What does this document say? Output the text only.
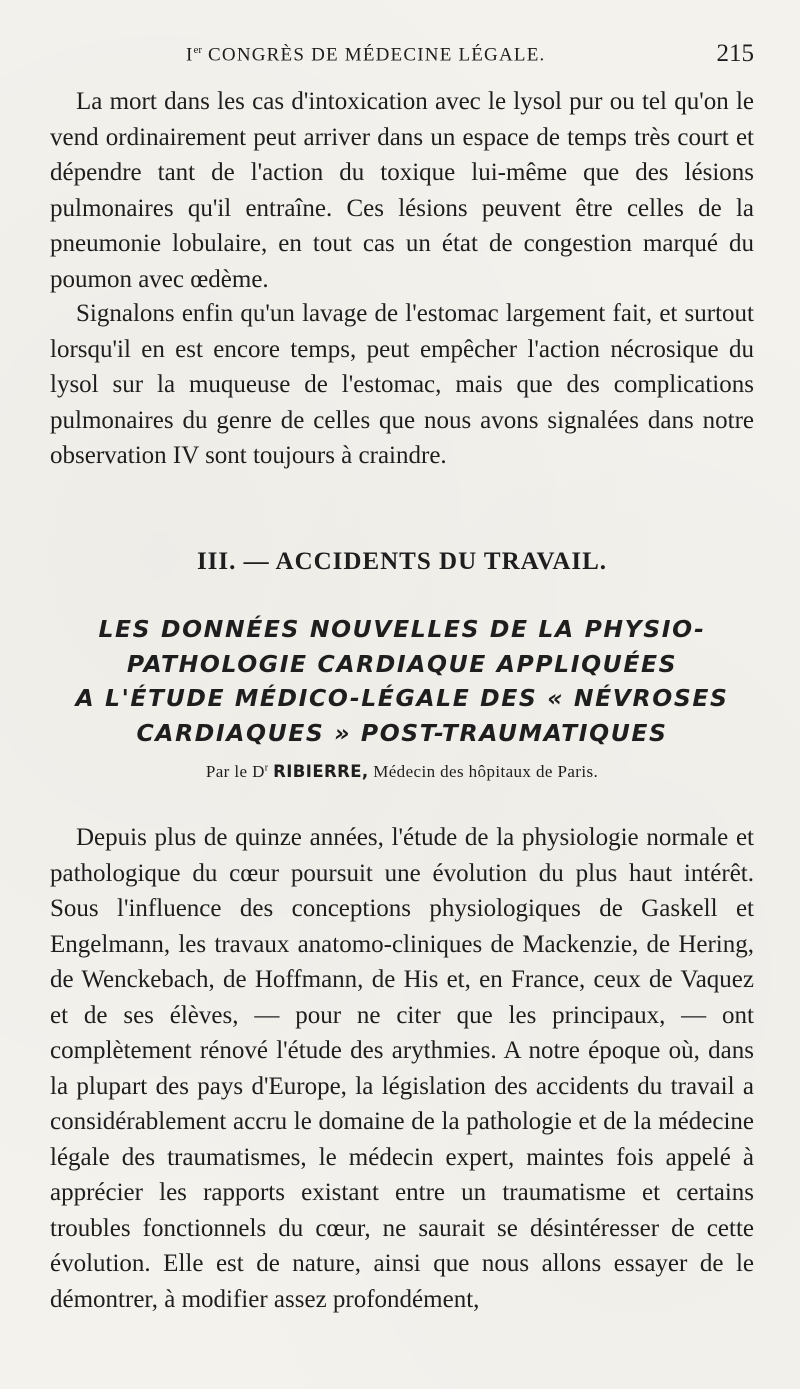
Ier CONGRÈS DE MÉDECINE LÉGALE.	215

La mort dans les cas d'intoxication avec le lysol pur ou tel qu'on le vend ordinairement peut arriver dans un espace de temps très court et dépendre tant de l'action du toxique lui-même que des lésions pulmonaires qu'il entraîne. Ces lésions peuvent être celles de la pneumonie lobulaire, en tout cas un état de congestion marqué du poumon avec œdème.

Signalons enfin qu'un lavage de l'estomac largement fait, et surtout lorsqu'il en est encore temps, peut empêcher l'action nécrosique du lysol sur la muqueuse de l'estomac, mais que des complications pulmonaires du genre de celles que nous avons signalées dans notre observation IV sont toujours à craindre.

III. — ACCIDENTS DU TRAVAIL.
LES DONNÉES NOUVELLES DE LA PHYSIO-
PATHOLOGIE CARDIAQUE APPLIQUÉES
A L'ÉTUDE MÉDICO-LÉGALE DES « NÉVROSES
CARDIAQUES » POST-TRAUMATIQUES
Par le $D^r$ RIBIERRE, Médecin des hôpitaux de Paris.

Depuis plus de quinze années, l'étude de la physiologie normale et pathologique du cœur poursuit une évolution du plus haut intérêt. Sous l'influence des conceptions physiologiques de Gaskell et Engelmann, les travaux anatomo-cliniques de Mackenzie, de Hering, de Wenckebach, de Hoffmann, de His et, en France, ceux de Vaquez et de ses élèves, — pour ne citer que les principaux, — ont complètement rénové l'étude des arythmies. A notre époque où, dans la plupart des pays d'Europe, la législation des accidents du travail a considérablement accru le domaine de la pathologie et de la médecine légale des traumatismes, le médecin expert, maintes fois appelé à apprécier les rapports existant entre un traumatisme et certains troubles fonctionnels du cœur, ne saurait se désintéresser de cette évolution. Elle est de nature, ainsi que nous allons essayer de le démontrer, à modifier assez profondément,
